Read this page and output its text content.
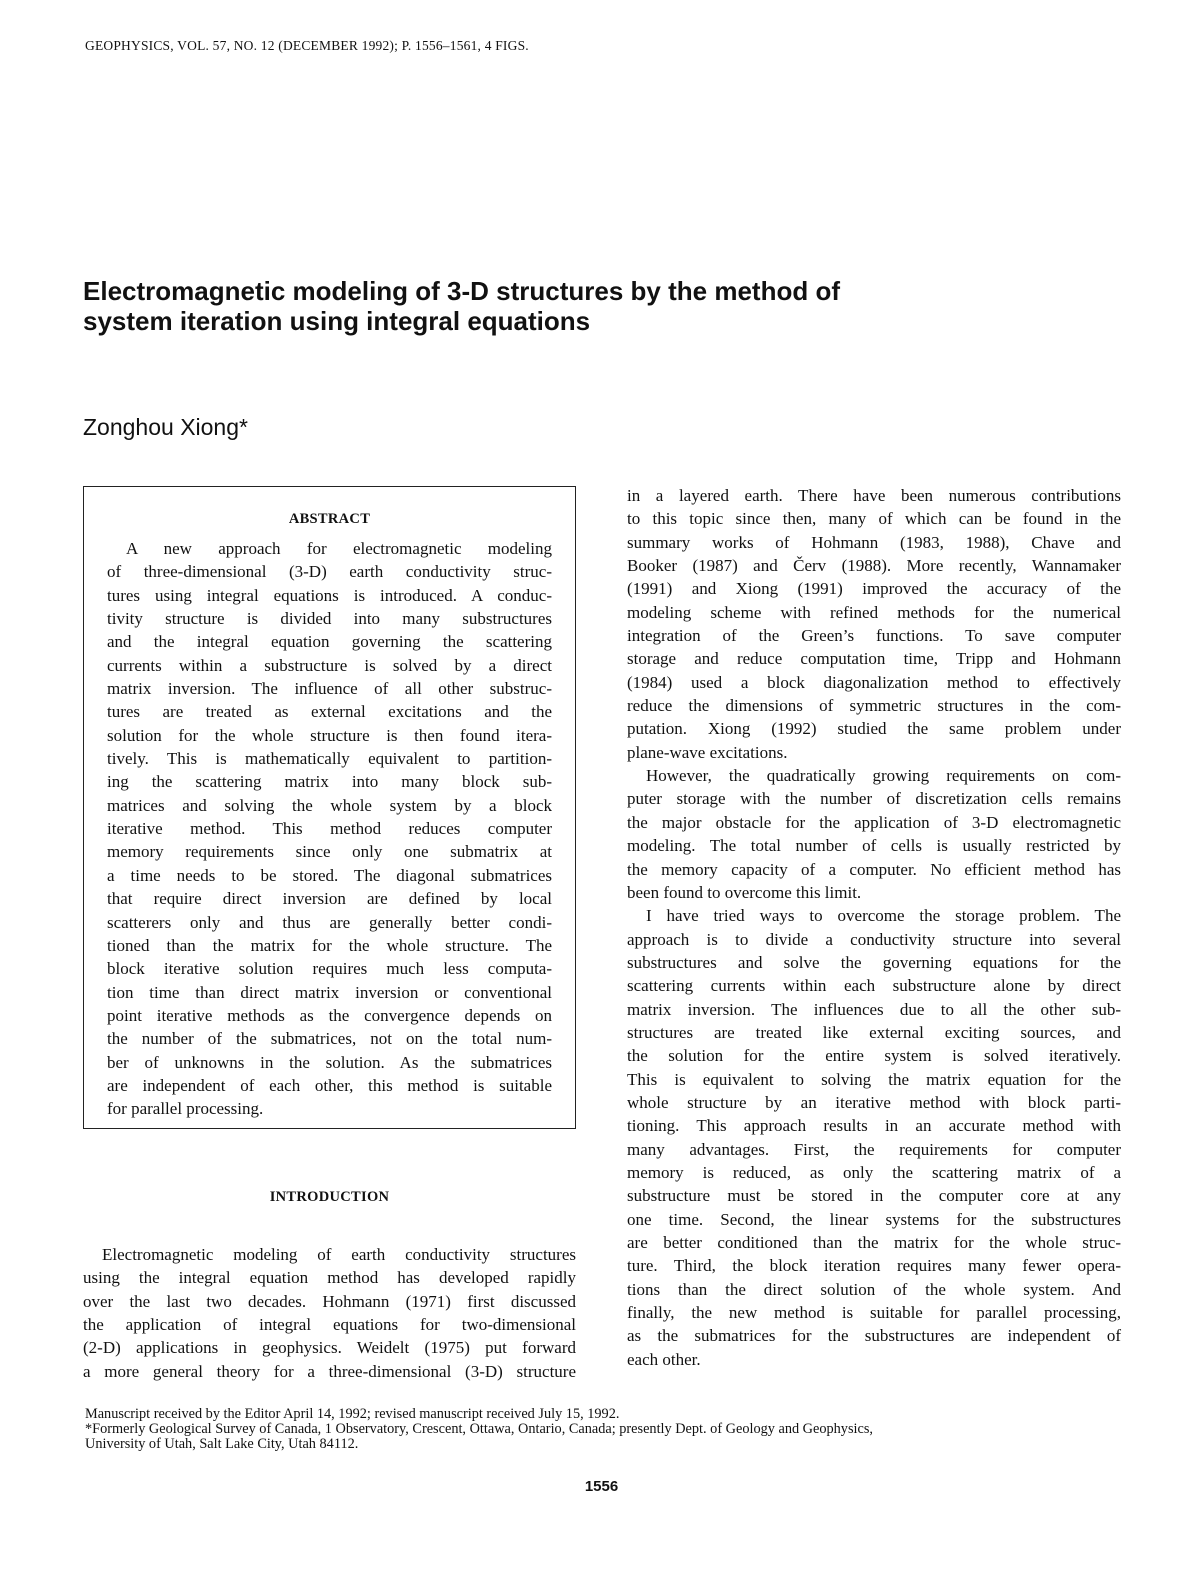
GEOPHYSICS, VOL. 57, NO. 12 (DECEMBER 1992); P. 1556–1561, 4 FIGS.
Electromagnetic modeling of 3-D structures by the method of
system iteration using integral equations
Zonghou Xiong*
ABSTRACT
A new approach for electromagnetic modeling
of three-dimensional (3-D) earth conductivity struc-
tures using integral equations is introduced. A conduc-
tivity structure is divided into many substructures
and the integral equation governing the scattering
currents within a substructure is solved by a direct
matrix inversion. The influence of all other substruc-
tures are treated as external excitations and the
solution for the whole structure is then found itera-
tively. This is mathematically equivalent to partition-
ing the scattering matrix into many block sub-
matrices and solving the whole system by a block
iterative method. This method reduces computer
memory requirements since only one submatrix at
a time needs to be stored. The diagonal submatrices
that require direct inversion are defined by local
scatterers only and thus are generally better condi-
tioned than the matrix for the whole structure. The
block iterative solution requires much less computa-
tion time than direct matrix inversion or conventional
point iterative methods as the convergence depends on
the number of the submatrices, not on the total num-
ber of unknowns in the solution. As the submatrices
are independent of each other, this method is suitable
for parallel processing.
INTRODUCTION
Electromagnetic modeling of earth conductivity structures
using the integral equation method has developed rapidly
over the last two decades. Hohmann (1971) first discussed
the application of integral equations for two-dimensional
(2-D) applications in geophysics. Weidelt (1975) put forward
a more general theory for a three-dimensional (3-D) structure
in a layered earth. There have been numerous contributions
to this topic since then, many of which can be found in the
summary works of Hohmann (1983, 1988), Chave and
Booker (1987) and Červ (1988). More recently, Wannamaker
(1991) and Xiong (1991) improved the accuracy of the
modeling scheme with refined methods for the numerical
integration of the Green’s functions. To save computer
storage and reduce computation time, Tripp and Hohmann
(1984) used a block diagonalization method to effectively
reduce the dimensions of symmetric structures in the com-
putation. Xiong (1992) studied the same problem under
plane-wave excitations.
However, the quadratically growing requirements on com-
puter storage with the number of discretization cells remains
the major obstacle for the application of 3-D electromagnetic
modeling. The total number of cells is usually restricted by
the memory capacity of a computer. No efficient method has
been found to overcome this limit.
I have tried ways to overcome the storage problem. The
approach is to divide a conductivity structure into several
substructures and solve the governing equations for the
scattering currents within each substructure alone by direct
matrix inversion. The influences due to all the other sub-
structures are treated like external exciting sources, and
the solution for the entire system is solved iteratively.
This is equivalent to solving the matrix equation for the
whole structure by an iterative method with block parti-
tioning. This approach results in an accurate method with
many advantages. First, the requirements for computer
memory is reduced, as only the scattering matrix of a
substructure must be stored in the computer core at any
one time. Second, the linear systems for the substructures
are better conditioned than the matrix for the whole struc-
ture. Third, the block iteration requires many fewer opera-
tions than the direct solution of the whole system. And
finally, the new method is suitable for parallel processing,
as the submatrices for the substructures are independent of
each other.
Manuscript received by the Editor April 14, 1992; revised manuscript received July 15, 1992.
*Formerly Geological Survey of Canada, 1 Observatory, Crescent, Ottawa, Ontario, Canada; presently Dept. of Geology and Geophysics,
University of Utah, Salt Lake City, Utah 84112.
1556
